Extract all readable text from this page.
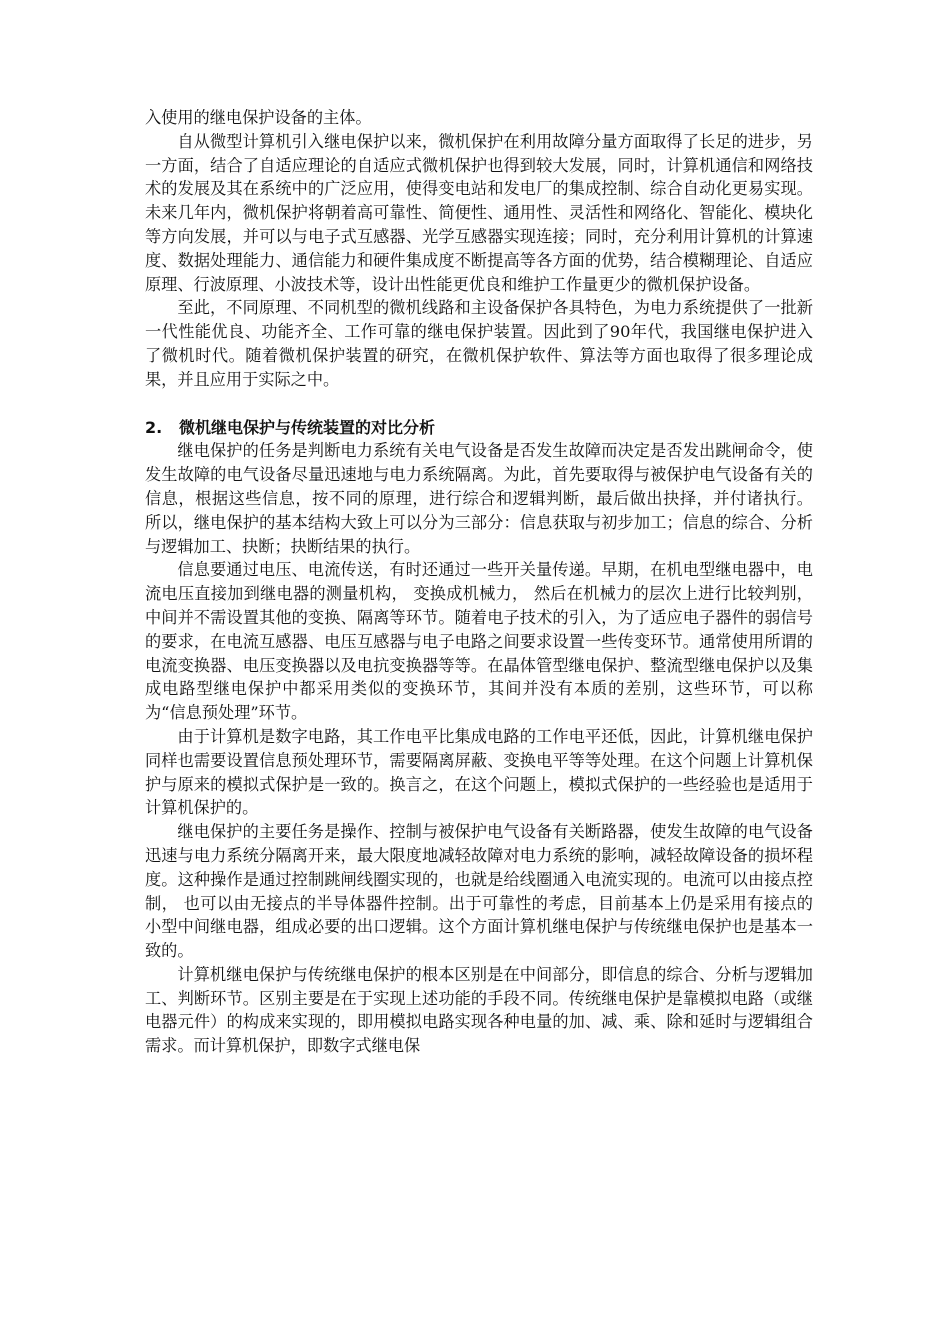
入使用的继电保护设备的主体。

自从微型计算机引入继电保护以来，微机保护在利用故障分量方面取得了长足的进步，另一方面，结合了自适应理论的自适应式微机保护也得到较大发展，同时，计算机通信和网络技术的发展及其在系统中的广泛应用，使得变电站和发电厂的集成控制、综合自动化更易实现。未来几年内，微机保护将朝着高可靠性、简便性、通用性、灵活性和网络化、智能化、模块化等方向发展，并可以与电子式互感器、光学互感器实现连接；同时，充分利用计算机的计算速度、数据处理能力、通信能力和硬件集成度不断提高等各方面的优势，结合模糊理论、自适应原理、行波原理、小波技术等，设计出性能更优良和维护工作量更少的微机保护设备。

至此，不同原理、不同机型的微机线路和主设备保护各具特色，为电力系统提供了一批新一代性能优良、功能齐全、工作可靠的继电保护装置。因此到了90年代，我国继电保护进入了微机时代。随着微机保护装置的研究，在微机保护软件、算法等方面也取得了很多理论成果，并且应用于实际之中。

2.	微机继电保护与传统装置的对比分析

继电保护的任务是判断电力系统有关电气设备是否发生故障而决定是否发出跳闸命令，使发生故障的电气设备尽量迅速地与电力系统隔离。为此，首先要取得与被保护电气设备有关的信息，根据这些信息，按不同的原理，进行综合和逻辑判断，最后做出抉择，并付诸执行。 所以，继电保护的基本结构大致上可以分为三部分：信息获取与初步加工；信息的综合、分析与逻辑加工、抉断；抉断结果的执行。

信息要通过电压、电流传送，有时还通过一些开关量传递。早期，在机电型继电器中，电流电压直接加到继电器的测量机构， 变换成机械力， 然后在机械力的层次上进行比较判别，中间并不需设置其他的变换、隔离等环节。随着电子技术的引入，为了适应电子器件的弱信号的要求，在电流互感器、电压互感器与电子电路之间要求设置一些传变环节。通常使用所谓的电流变换器、电压变换器以及电抗变换器等等。在晶体管型继电保护、整流型继电保护以及集成电路型继电保护中都采用类似的变换环节，其间并没有本质的差别，这些环节，可以称为“信息预处理”环节。

由于计算机是数字电路，其工作电平比集成电路的工作电平还低，因此，计算机继电保护同样也需要设置信息预处理环节，需要隔离屏蔽、变换电平等等处理。在这个问题上计算机保护与原来的模拟式保护是一致的。换言之，在这个问题上，模拟式保护的一些经验也是适用于计算机保护的。

继电保护的主要任务是操作、控制与被保护电气设备有关断路器，使发生故障的电气设备迅速与电力系统分隔离开来，最大限度地减轻故障对电力系统的影响，减轻故障设备的损坏程度。这种操作是通过控制跳闸线圈实现的，也就是给线圈通入电流实现的。电流可以由接点控制， 也可以由无接点的半导体器件控制。出于可靠性的考虑，目前基本上仍是采用有接点的小型中间继电器，组成必要的出口逻辑。这个方面计算机继电保护与传统继电保护也是基本一致的。

计算机继电保护与传统继电保护的根本区别是在中间部分，即信息的综合、分析与逻辑加工、判断环节。区别主要是在于实现上述功能的手段不同。传统继电保护是靠模拟电路（或继电器元件）的构成来实现的，即用模拟电路实现各种电量的加、减、乘、除和延时与逻辑组合需求。而计算机保护，即数字式继电保
